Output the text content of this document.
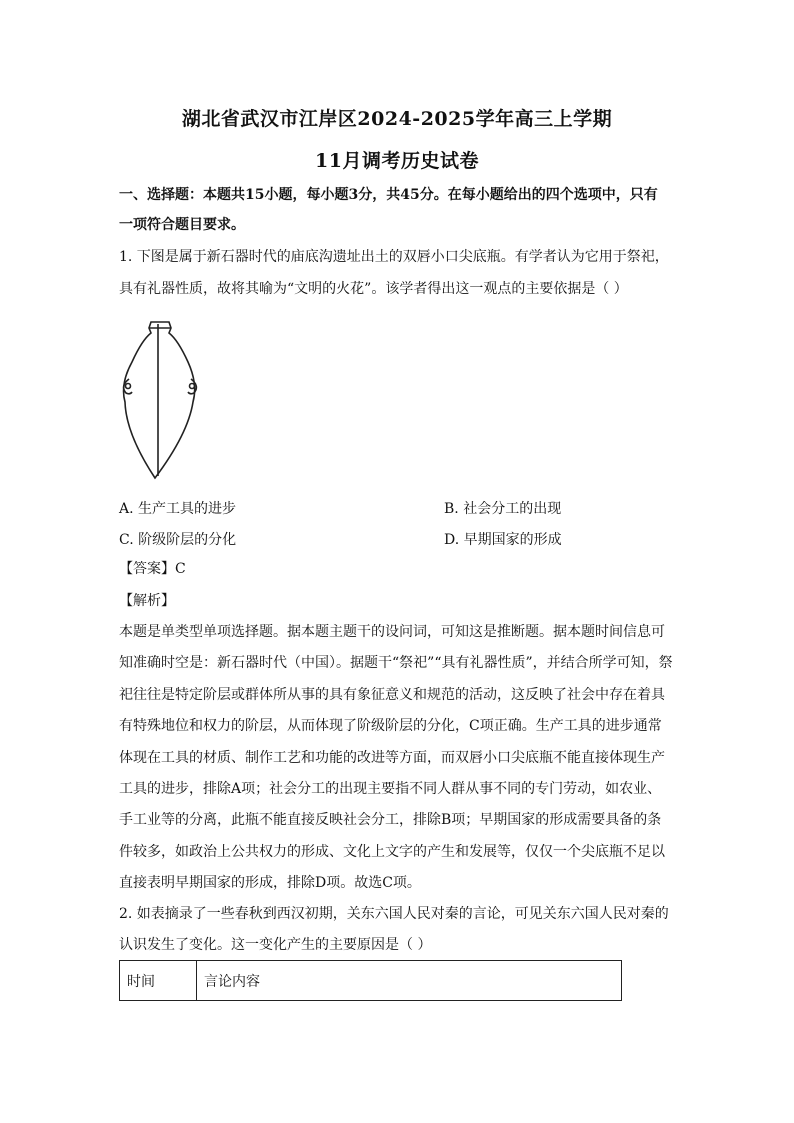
湖北省武汉市江岸区2024-2025学年高三上学期
11月调考历史试卷
一、选择题：本题共15小题，每小题3分，共45分。在每小题给出的四个选项中，只有
一项符合题目要求。
1. 下图是属于新石器时代的庙底沟遗址出土的双唇小口尖底瓶。有学者认为它用于祭祀，
具有礼器性质，故将其喻为“文明的火花”。该学者得出这一观点的主要依据是（ ）
A. 生产工具的进步	B. 社会分工的出现
C. 阶级阶层的分化	D. 早期国家的形成
【答案】C
【解析】
本题是单类型单项选择题。据本题主题干的设问词，可知这是推断题。据本题时间信息可
知准确时空是：新石器时代（中国）。据题干“祭祀”“具有礼器性质”，并结合所学可知，祭
祀往往是特定阶层或群体所从事的具有象征意义和规范的活动，这反映了社会中存在着具
有特殊地位和权力的阶层，从而体现了阶级阶层的分化，C项正确。生产工具的进步通常
体现在工具的材质、制作工艺和功能的改进等方面，而双唇小口尖底瓶不能直接体现生产
工具的进步，排除A项；社会分工的出现主要指不同人群从事不同的专门劳动，如农业、
手工业等的分离，此瓶不能直接反映社会分工，排除B项；早期国家的形成需要具备的条
件较多，如政治上公共权力的形成、文化上文字的产生和发展等，仅仅一个尖底瓶不足以
直接表明早期国家的形成，排除D项。故选C项。
2. 如表摘录了一些春秋到西汉初期，关东六国人民对秦的言论，可见关东六国人民对秦的
认识发生了变化。这一变化产生的主要原因是（ ）
时间	言论内容
